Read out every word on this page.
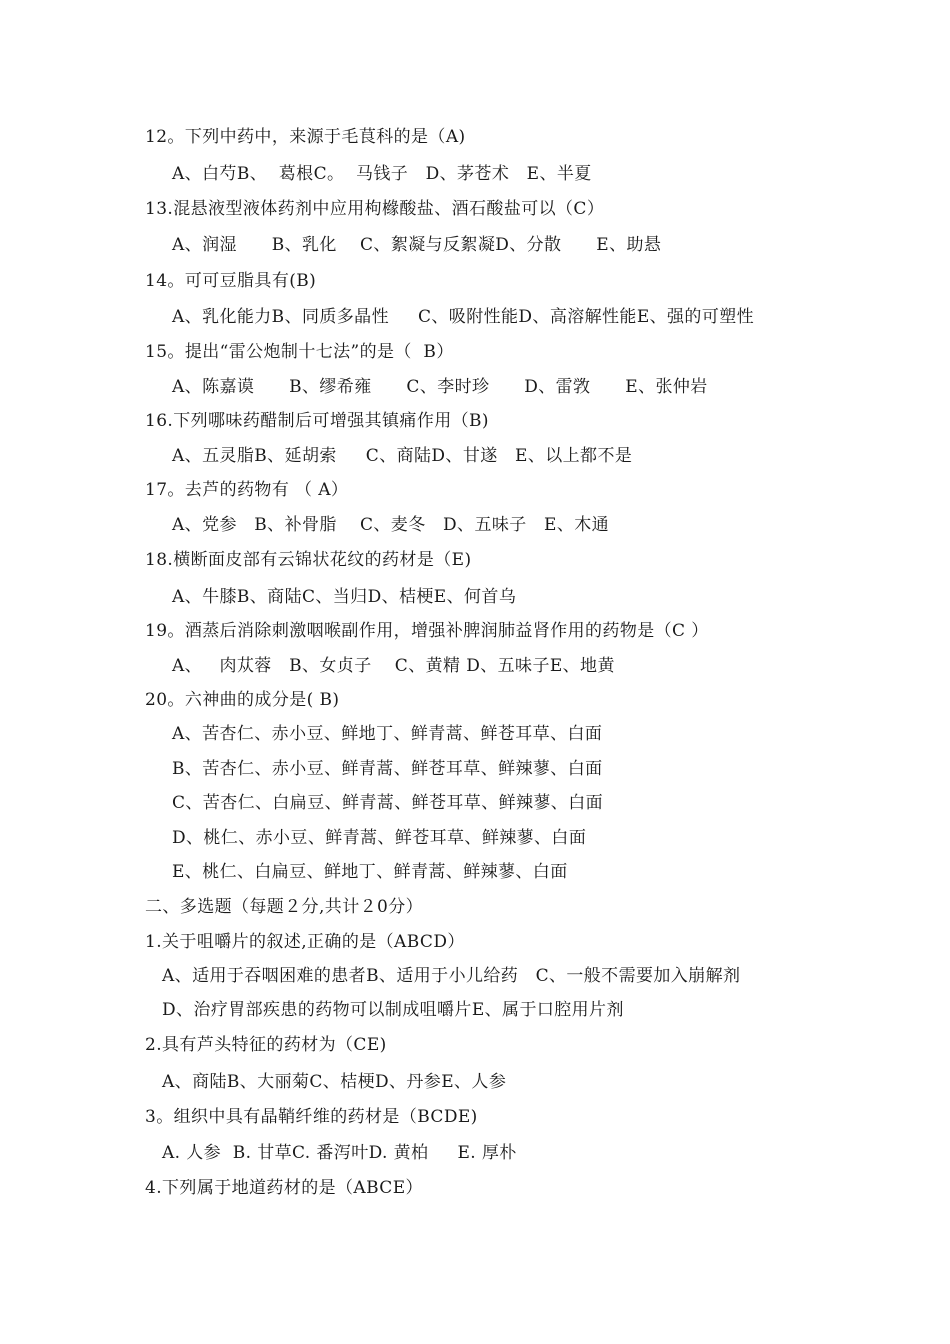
12。下列中药中，来源于毛茛科的是（A)
A、白芍B、  葛根C。  马钱子   D、茅苍术   E、半夏
13.混悬液型液体药剂中应用枸橼酸盐、酒石酸盐可以（C）
A、润湿      B、乳化    C、絮凝与反絮凝D、分散      E、助悬
14。可可豆脂具有(B)
A、乳化能力B、同质多晶性     C、吸附性能D、高溶解性能E、强的可塑性
15。提出“雷公炮制十七法”的是（  B）
A、陈嘉谟      B、缪希雍      C、李时珍      D、雷敩      E、张仲岩
16.下列哪味药醋制后可增强其镇痛作用（B)
A、五灵脂B、延胡索     C、商陆D、甘遂   E、以上都不是
17。去芦的药物有 （ A）
A、党参   B、补骨脂    C、麦冬   D、五味子   E、木通
18.横断面皮部有云锦状花纹的药材是（E)
A、牛膝B、商陆C、当归D、桔梗E、何首乌
19。酒蒸后消除刺激咽喉副作用，增强补脾润肺益肾作用的药物是（C ）
A、   肉苁蓉   B、女贞子    C、黄精 D、五味子E、地黄
20。六神曲的成分是( B)
A、苦杏仁、赤小豆、鲜地丁、鲜青蒿、鲜苍耳草、白面
B、苦杏仁、赤小豆、鲜青蒿、鲜苍耳草、鲜辣蓼、白面
C、苦杏仁、白扁豆、鲜青蒿、鲜苍耳草、鲜辣蓼、白面
D、桃仁、赤小豆、鲜青蒿、鲜苍耳草、鲜辣蓼、白面
E、桃仁、白扁豆、鲜地丁、鲜青蒿、鲜辣蓼、白面
二、多选题（每题２分,共计２0分）
1.关于咀嚼片的叙述,正确的是（ABCD）
A、适用于吞咽困难的患者B、适用于小儿给药   C、一般不需要加入崩解剂
D、治疗胃部疾患的药物可以制成咀嚼片E、属于口腔用片剂
2.具有芦头特征的药材为（CE)
A、商陆B、大丽菊C、桔梗D、丹参E、人参
3。组织中具有晶鞘纤维的药材是（BCDE)
A. 人参  B. 甘草C. 番泻叶D. 黄柏     E. 厚朴
4.下列属于地道药材的是（ABCE）
